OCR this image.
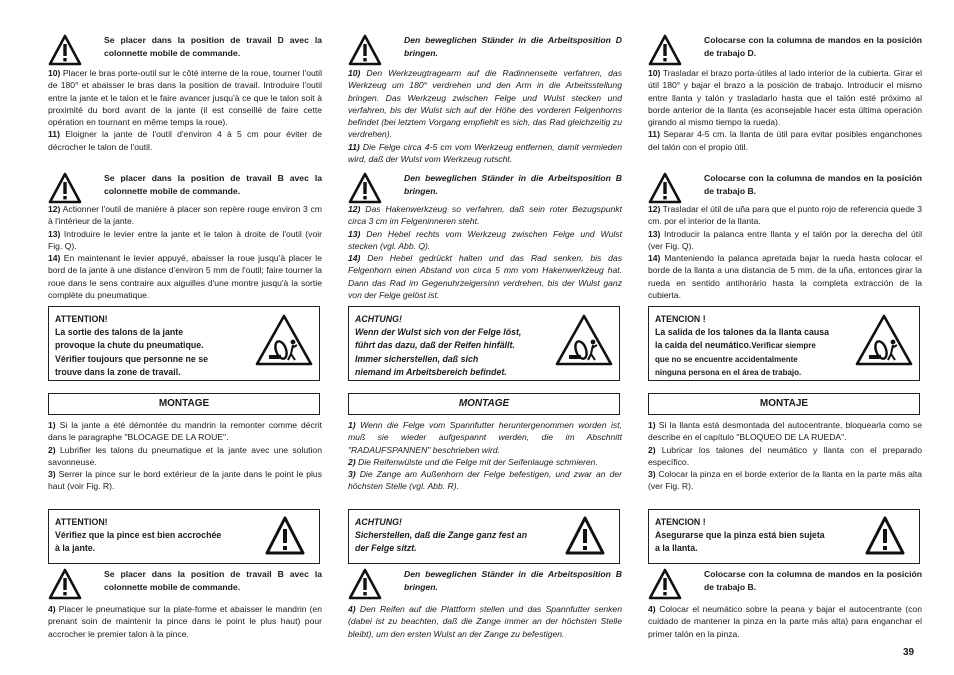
Se placer dans la position de travail D avec la colonnette mobile de commande.

10) Placer le bras porte-outil sur le côté interne de la roue, tourner l'outil de 180° et abaisser le bras dans la position de travail. Introduire l'outil entre la jante et le talon et le faire avancer jusqu'à ce que le talon soit à proximité du bord avant de la jante (il est conseillé de faire cette opération en tournant en même temps la roue).

11) Eloigner la jante de l'outil d'environ 4 à 5 cm pour éviter de décrocher le talon de l'outil.

Se placer dans la position de travail B avec la colonnette mobile de commande.

12) Actionner l'outil de manière à placer son repère rouge environ 3 cm à l'intérieur de la jante.

13) Introduire le levier entre la jante et le talon à droite de l'outil (voir Fig. Q).

14) En maintenant le levier appuyé, abaisser la roue jusqu'à placer le bord de la jante à une distance d'environ 5 mm de l'outil; faire tourner la roue dans le sens contraire aux aiguilles d'une montre jusqu'à la sortie complète du pneumatique.

ATTENTION!
La sortie des talons de la jante
provoque la chute du pneumatique.
Vérifier toujours que personne ne se
trouve dans la zone de travail.
MONTAGE

1) Si la jante a été démontée du mandrin la remonter comme décrit dans le paragraphe "BLOCAGE DE LA ROUE".

2) Lubrifier les talons du pneumatique et la jante avec une solution savonneuse.

3) Serrer la pince sur le bord extérieur de la jante dans le point le plus haut (voir Fig. R).

ATTENTION!
Vérifiez que la pince est bien accrochée
à la jante.
Se placer dans la position de travail B avec la colonnette mobile de commande.

4) Placer le pneumatique sur la plate-forme et abaisser le mandrin (en prenant soin de maintenir la pince dans le point le plus haut) pour accrocher le premier talon à la pince.

Den beweglichen Ständer in die Arbeitsposition D bringen.

10) Den Werkzeugtragearm auf die Radinnenseite verfahren, das Werkzeug um 180° verdrehen und den Arm in die Arbeitsstellung bringen. Das Werkzeug zwischen Felge und Wulst stecken und verfahren, bis der Wulst sich auf der Höhe des vorderen Felgenhorns befindet (bei letztem Vorgang empfiehlt es sich, das Rad gleichzeitig zu verdrehen).

11) Die Felge circa 4-5 cm vom Werkzeug entfernen, damit vermieden wird, daß der Wulst vom Werkzeug rutscht.

Den beweglichen Ständer in die Arbeitsposition B bringen.

12) Das Hakenwerkzeug so verfahren, daß sein roter Bezugspunkt circa 3 cm im Felgeninneren steht.

13) Den Hebel rechts vom Werkzeug zwischen Felge und Wulst stecken (vgl. Abb. Q).

14) Den Hebel gedrückt halten und das Rad senken, bis das Felgenhorn einen Abstand von circa 5 mm vom Hakenwerkzeug hat. Dann das Rad im Gegenuhrzeigersinn verdrehen, bis der Wulst ganz von der Felge gelöst ist.

ACHTUNG!
Wenn der Wulst sich von der Felge löst,
führt das dazu, daß der Reifen hinfällt.
Immer sicherstellen, daß sich
niemand im Arbeitsbereich befindet.
MONTAGE

1) Wenn die Felge vom Spannfutter heruntergenommen worden ist, muß sie wieder aufgespannt werden, die im Abschnitt "RADAUFSPANNEN" beschrieben wird.

2) Die Reifenwülste und die Felge mit der Seifenlauge schmieren.

3) Die Zange am Außenhorn der Felge befestigen, und zwar an der höchsten Stelle (vgl. Abb. R).

ACHTUNG!
Sicherstellen, daß die Zange ganz fest an
der Felge sitzt.
Den beweglichen Ständer in die Arbeitsposition B bringen.

4) Den Reifen auf die Plattform stellen und das Spannfutter senken (dabei ist zu beachten, daß die Zange immer an der höchsten Stelle bleibt), um den ersten Wulst an der Zange zu befestigen.

Colocarse con la columna de mandos en la posición de trabajo D.

10) Trasladar el brazo porta-útiles al lado interior de la cubierta. Girar el útil 180° y bajar el brazo a la posición de trabajo. Introducir el mismo entre llanta y talón y trasladarlo hasta que el talón esté próximo al borde anterior de la llanta (es aconsejable hacer esta última operación girando al mismo tiempo la rueda).

11) Separar 4-5 cm. la llanta de útil para evitar posibles enganchones del talón con el propio útil.

Colocarse con la columna de mandos en la posición de trabajo B.

12) Trasladar el útil de uña para que el punto rojo de referencia quede 3 cm. por el interior de la llanta.

13) Introducir la palanca entre llanta y el talón por la derecha del útil (ver Fig. Q).

14) Manteniendo la palanca apretada bajar la rueda hasta colocar el borde de la llanta a una distancia de 5 mm. de la uña, entonces girar la rueda en sentido antihorário hasta la completa extracción de la cubierta.

ATENCION !
La salida de los talones da la llanta causa
la caida del neumático.Verificar siempre
que no se encuentre accidentalmente
ninguna persona en el área de trabajo.
MONTAJE

1) Si la llanta está desmontada del autocentrante, bloquearla como se describe en el capítulo "BLOQUEO DE LA RUEDA".

2) Lubricar los talones del neumático y llanta con el preparado específico.

3) Colocar la pinza en el borde exterior de la llanta en la parte más alta (ver Fig. R).

ATENCION !
Asegurarse que la pinza está bien sujeta
a la llanta.
Colocarse con la columna de mandos en la posición de trabajo B.

4) Colocar el neumático sobre la peana y bajar el autocentrante (con cuidado de mantener la pinza en la parte más alta) para enganchar el primer talón en la pinza.

39
